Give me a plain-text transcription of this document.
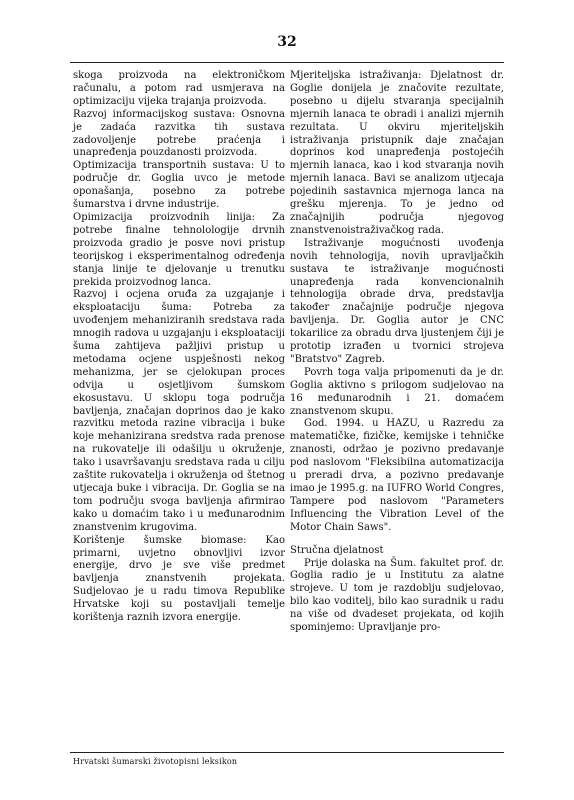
32

skoga proizvoda na elektroničkom računalu, a potom rad usmjerava na optimizaciju vijeka trajanja proizvoda.

Razvoj informacijskog sustava: Osnovna je zadaća razvitka tih sustava zadovoljenje potrebe praćenja i unapređenja pouzdanosti proizvoda.

Optimizacija transportnih sustava: U to područje dr. Goglia uvco je metode oponašanja, posebno za potrebe šumarstva i drvne industrije.

Opimizacija proizvodnih linija: Za potrebe finalne tehnolologije drvnih proizvoda gradio je posve novi pristup teorijskog i eksperimentalnog određenja stanja linije te djelovanje u trenutku prekida proizvodnog lanca.

Razvoj i ocjena oruđa za uzgajanje i eksploataciju šuma: Potreba za uvođenjem mehaniziranih sredstava rada mnogih radova u uzgajanju i eksploataciji šuma zahtijeva pažljivi pristup u metodama ocjene uspješnosti nekog mehanizma, jer se cjelokupan proces odvija u osjetljivom šumskom ekosustavu. U sklopu toga područja bavljenja, značajan doprinos dao je kako razvitku metoda razine vibracija i buke koje mehanizirana sredstva rada prenose na rukovatelje ili odašilju u okruženje, tako i usavršavanju sredstava rada u cilju zaštite rukovatelja i okruženja od štetnog utjecaja buke i vibracija. Dr. Goglia se na tom području svoga bavljenja afirmirao kako u domaćim tako i u međunarodnim znanstvenim krugovima.

Korištenje šumske biomase: Kao primarni, uvjetno obnovljivi izvor energije, drvo je sve više predmet bavljenja znanstvenih projekata. Sudjelovao je u radu timova Republike Hrvatske koji su postavljali temelje korištenja raznih izvora energije.

Mjeriteljska istraživanja: Djelatnost dr. Goglie donijela je značovite rezultate, posebno u dijelu stvaranja specijalnih mjernih lanaca te obradi i analizi mjernih rezultata. U okviru mjeriteljskih istraživanja pristupnik daje značajan doprinos kod unapređenja postojećih mjernih lanaca, kao i kod stvaranja novih mjernih lanaca. Bavi se analizom utjecaja pojedinih sastavnica mjernoga lanca na grešku mjerenja. To je jedno od značajnijih područja njegovog znanstvenoistraživačkog rada.

Istraživanje mogućnosti uvođenja novih tehnologija, novih upravljačkih sustava te istraživanje mogućnosti unapređenja rada konvencionalnih tehnologija obrade drva, predstavlja također značajnije područje njegova bavljenja. Dr. Goglia autor je CNC tokarilice za obradu drva ljustenjem čiji je prototip izrađen u tvornici strojeva "Bratstvo" Zagreb.

Povrh toga valja pripomenuti da je dr. Goglia aktivno s prilogom sudjelovao na 16 međunarodnih i 21. domaćem znanstvenom skupu.

God. 1994. u HAZU, u Razredu za matematičke, fizičke, kemijske i tehničke znanosti, održao je pozivno predavanje pod naslovom "Fleksibilna automatizacija u preradi drva, a pozivno predavanje imao je 1995.g. na IUFRO World Congres, Tampere pod naslovom "Parameters Influencing the Vibration Level of the Motor Chain Saws".

Stručna djelatnost

Prije dolaska na Šum. fakultet prof. dr. Goglia radio je u Institutu za alatne strojeve. U tom je razdoblju sudjelovao, bilo kao voditelj, bilo kao suradnik u radu na više od dvadeset projekata, od kojih spominjemo: Upravljanje pro-

Hrvatski šumarski životopisni leksikon
